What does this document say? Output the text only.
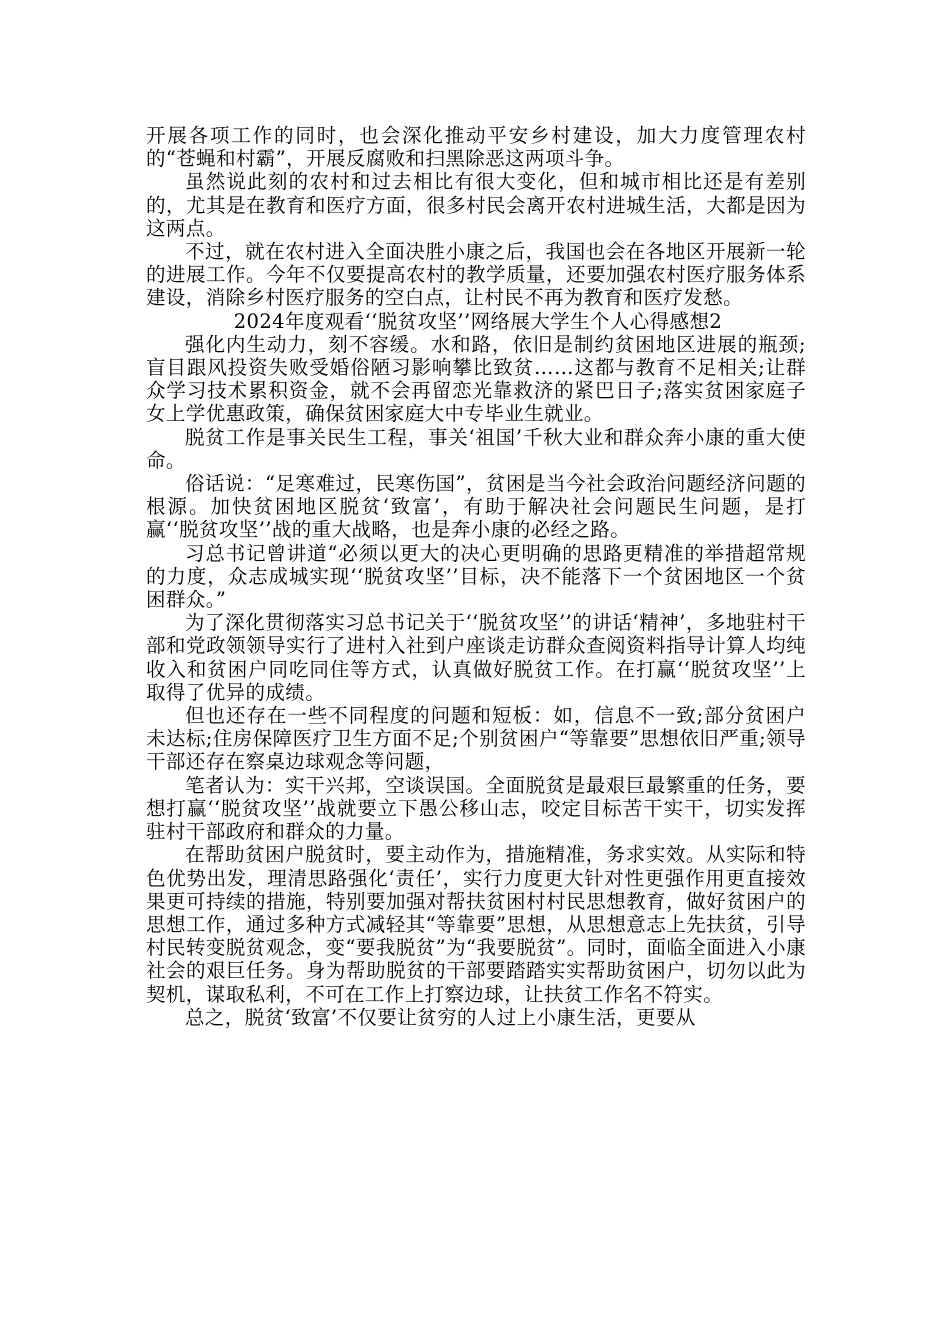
开展各项工作的同时，也会深化推动平安乡村建设，加大力度管理农村的“苍蝇和村霸”，开展反腐败和扫黑除恶这两项斗争。

虽然说此刻的农村和过去相比有很大变化，但和城市相比还是有差别的，尤其是在教育和医疗方面，很多村民会离开农村进城生活，大都是因为这两点。

不过，就在农村进入全面决胜小康之后，我国也会在各地区开展新一轮的进展工作。今年不仅要提高农村的教学质量，还要加强农村医疗服务体系建设，消除乡村医疗服务的空白点，让村民不再为教育和医疗发愁。

2024年度观看‘‘脱贫攻坚’’网络展大学生个人心得感想2

强化内生动力，刻不容缓。水和路，依旧是制约贫困地区进展的瓶颈;盲目跟风投资失败受婚俗陋习影响攀比致贫……这都与教育不足相关;让群众学习技术累积资金，就不会再留恋光靠救济的紧巴日子;落实贫困家庭子女上学优惠政策，确保贫困家庭大中专毕业生就业。

脱贫工作是事关民生工程，事关‘祖国’千秋大业和群众奔小康的重大使命。

俗话说：“足寒难过，民寒伤国”，贫困是当今社会政治问题经济问题的根源。加快贫困地区脱贫‘致富’，有助于解决社会问题民生问题，是打赢‘‘脱贫攻坚’’战的重大战略，也是奔小康的必经之路。

习总书记曾讲道“必须以更大的决心更明确的思路更精准的举措超常规的力度，众志成城实现‘‘脱贫攻坚’’目标，决不能落下一个贫困地区一个贫困群众。”

为了深化贯彻落实习总书记关于‘‘脱贫攻坚’’的讲话‘精神’，多地驻村干部和党政领领导实行了进村入社到户座谈走访群众查阅资料指导计算人均纯收入和贫困户同吃同住等方式，认真做好脱贫工作。在打赢‘‘脱贫攻坚’’上取得了优异的成绩。

但也还存在一些不同程度的问题和短板：如，信息不一致;部分贫困户未达标;住房保障医疗卫生方面不足;个别贫困户“等靠要”思想依旧严重;领导干部还存在察桌边球观念等问题，

笔者认为：实干兴邦，空谈误国。全面脱贫是最艰巨最繁重的任务，要想打赢‘‘脱贫攻坚’’战就要立下愚公移山志，咬定目标苦干实干，切实发挥驻村干部政府和群众的力量。

在帮助贫困户脱贫时，要主动作为，措施精准，务求实效。从实际和特色优势出发，理清思路强化‘责任’，实行力度更大针对性更强作用更直接效果更可持续的措施，特别要加强对帮扶贫困村村民思想教育，做好贫困户的思想工作，通过多种方式减轻其“等靠要”思想，从思想意志上先扶贫，引导村民转变脱贫观念，变“要我脱贫”为“我要脱贫”。同时，面临全面进入小康社会的艰巨任务。身为帮助脱贫的干部要踏踏实实帮助贫困户，切勿以此为契机，谋取私利，不可在工作上打察边球，让扶贫工作名不符实。

总之，脱贫‘致富’不仅要让贫穷的人过上小康生活，更要从
